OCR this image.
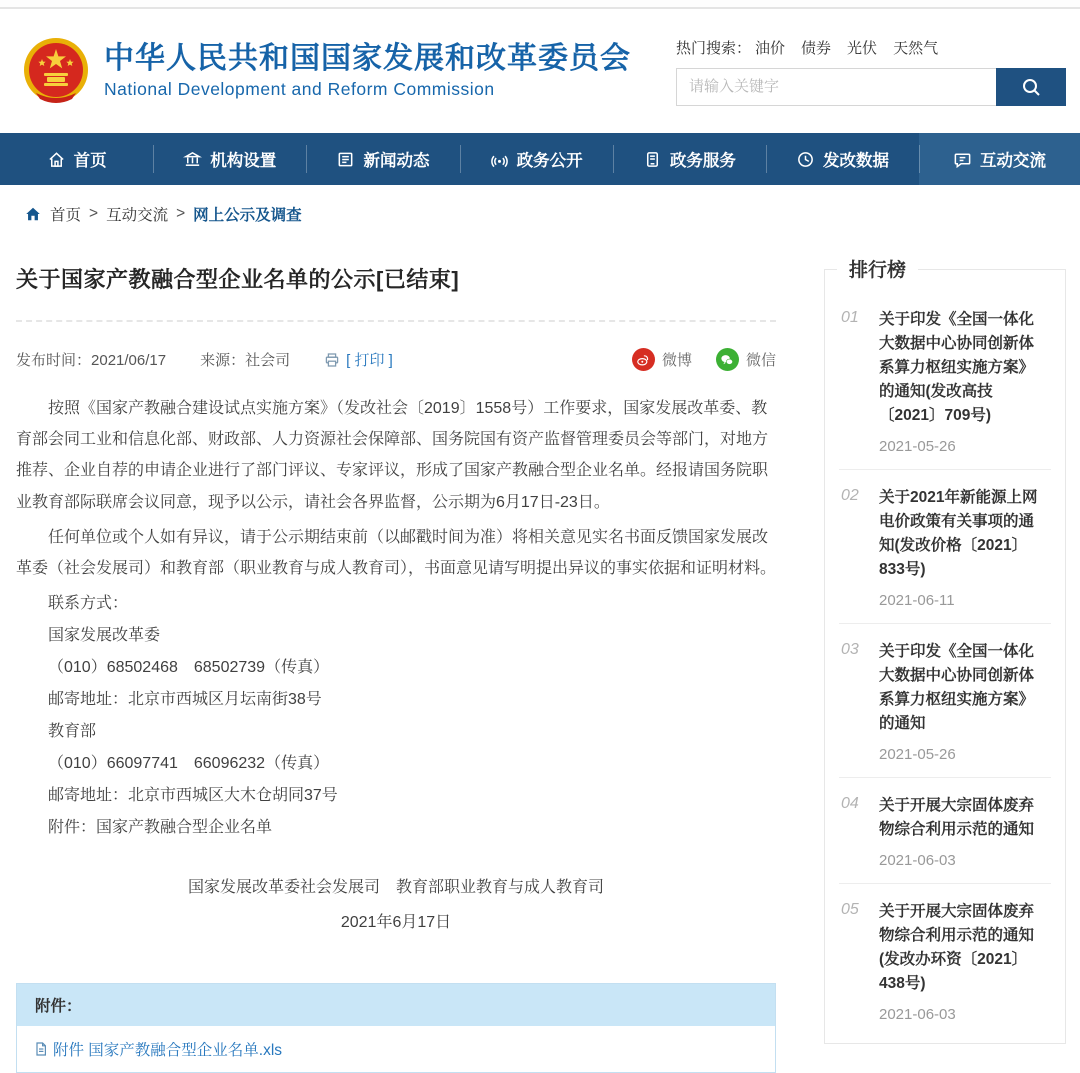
中华人民共和国国家发展和改革委员会
National Development and Reform Commission
热门搜索： 油价 债券 光伏 天然气
请输入关键字
首页	机构设置	新闻动态	政务公开	政务服务	发改数据	互动交流
首页 > 互动交流 > 网上公示及调查
关于国家产教融合型企业名单的公示[已结束]
发布时间：2021/06/17 来源：社会司	[ 打印 ]	微博	微信

按照《国家产教融合建设试点实施方案》（发改社会〔2019〕1558号）工作要求，国家发展改革委、教育部会同工业和信息化部、财政部、人力资源社会保障部、国务院国有资产监督管理委员会等部门，对地方推荐、企业自荐的申请企业进行了部门评议、专家评议，形成了国家产教融合型企业名单。经报请国务院职业教育部际联席会议同意，现予以公示，请社会各界监督，公示期为6月17日-23日。

任何单位或个人如有异议，请于公示期结束前（以邮戳时间为准）将相关意见实名书面反馈国家发展改革委（社会发展司）和教育部（职业教育与成人教育司），书面意见请写明提出异议的事实依据和证明材料。

联系方式：
国家发展改革委
（010）68502468　68502739（传真）
邮寄地址：北京市西城区月坛南街38号
教育部
（010）66097741　66096232（传真）
邮寄地址：北京市西城区大木仓胡同37号
附件：国家产教融合型企业名单
国家发展改革委社会发展司　教育部职业教育与成人教育司
2021年6月17日
附件：
附件 国家产教融合型企业名单.xls
排行榜
01	关于印发《全国一体化大数据中心协同创新体系算力枢纽实施方案》的通知(发改高技〔2021〕709号)
2021-05-26
02	关于2021年新能源上网电价政策有关事项的通知(发改价格〔2021〕833号)
2021-06-11
03	关于印发《全国一体化大数据中心协同创新体系算力枢纽实施方案》的通知
2021-05-26
04	关于开展大宗固体废弃物综合利用示范的通知
2021-06-03
05	关于开展大宗固体废弃物综合利用示范的通知(发改办环资〔2021〕438号)
2021-06-03
